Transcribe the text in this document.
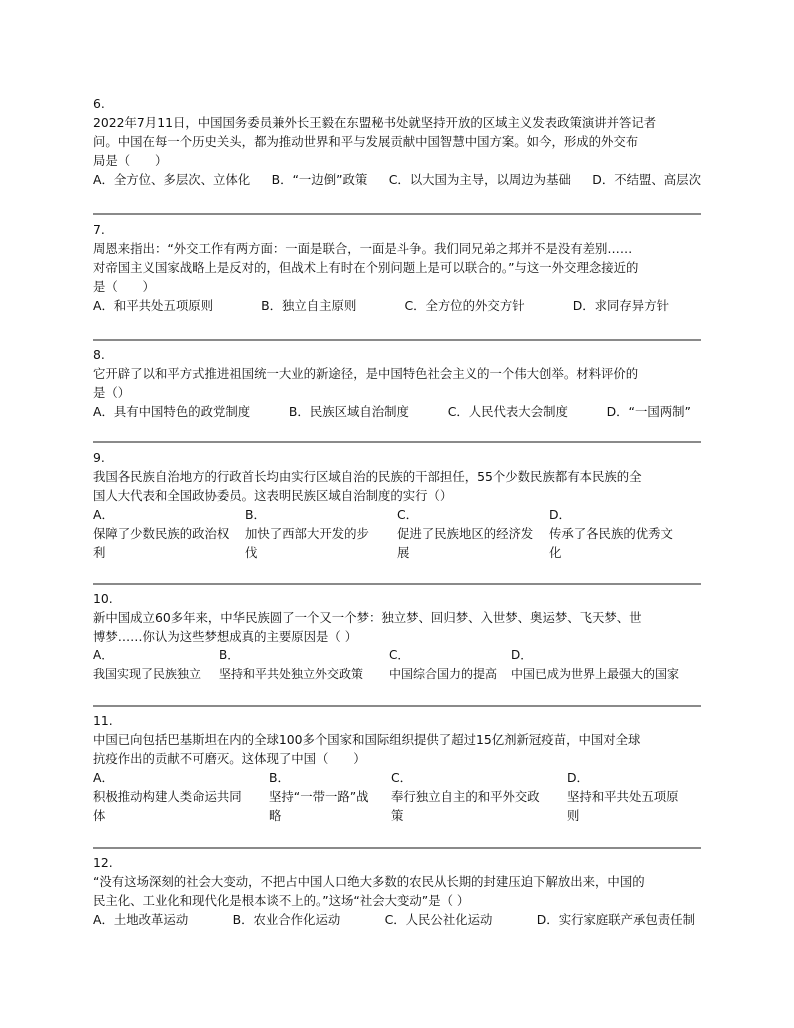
6.
2022年7月11日，中国国务委员兼外长王毅在东盟秘书处就坚持开放的区域主义发表政策演讲并答记者
问。中国在每一个历史关头，都为推动世界和平与发展贡献中国智慧中国方案。如今，形成的外交布
局是（　　）
A．全方位、多层次、立体化 B．“一边倒”政策 C．以大国为主导，以周边为基础 D．不结盟、高层次
7.
周恩来指出：“外交工作有两方面：一面是联合，一面是斗争。我们同兄弟之邦并不是没有差别……
对帝国主义国家战略上是反对的，但战术上有时在个别问题上是可以联合的。”与这一外交理念接近的
是（　　）
A．和平共处五项原则	B．独立自主原则	C．全方位的外交方针	D．求同存异方针
8.
它开辟了以和平方式推进祖国统一大业的新途径，是中国特色社会主义的一个伟大创举。材料评价的
是（）
A．具有中国特色的政党制度	B．民族区域自治制度	C．人民代表大会制度	D．“一国两制”
9.
我国各民族自治地方的行政首长均由实行区域自治的民族的干部担任，55个少数民族都有本民族的全
国人大代表和全国政协委员。这表明民族区域自治制度的实行（）
A．
保障了少数民族的政治权
利
B．
加快了西部大开发的步
伐
C．
促进了民族地区的经济发
展
D．
传承了各民族的优秀文
化
10.
新中国成立60多年来，中华民族圆了一个又一个梦：独立梦、回归梦、入世梦、奥运梦、飞天梦、世
博梦……你认为这些梦想成真的主要原因是（ ）
A．
我国实现了民族独立
B．
坚持和平共处独立外交政策
C．
中国综合国力的提高
D．
中国已成为世界上最强大的国家
11.
中国已向包括巴基斯坦在内的全球100多个国家和国际组织提供了超过15亿剂新冠疫苗，中国对全球
抗疫作出的贡献不可磨灭。这体现了中国（　　）
A．
积极推动构建人类命运共同
体
B．
坚持“一带一路”战
略
C．
奉行独立自主的和平外交政
策
D．
坚持和平共处五项原
则
12.
“没有这场深刻的社会大变动，不把占中国人口绝大多数的农民从长期的封建压迫下解放出来，中国的
民主化、工业化和现代化是根本谈不上的。”这场“社会大变动”是（ ）
A．土地改革运动	B．农业合作化运动	C．人民公社化运动	D．实行家庭联产承包责任制
